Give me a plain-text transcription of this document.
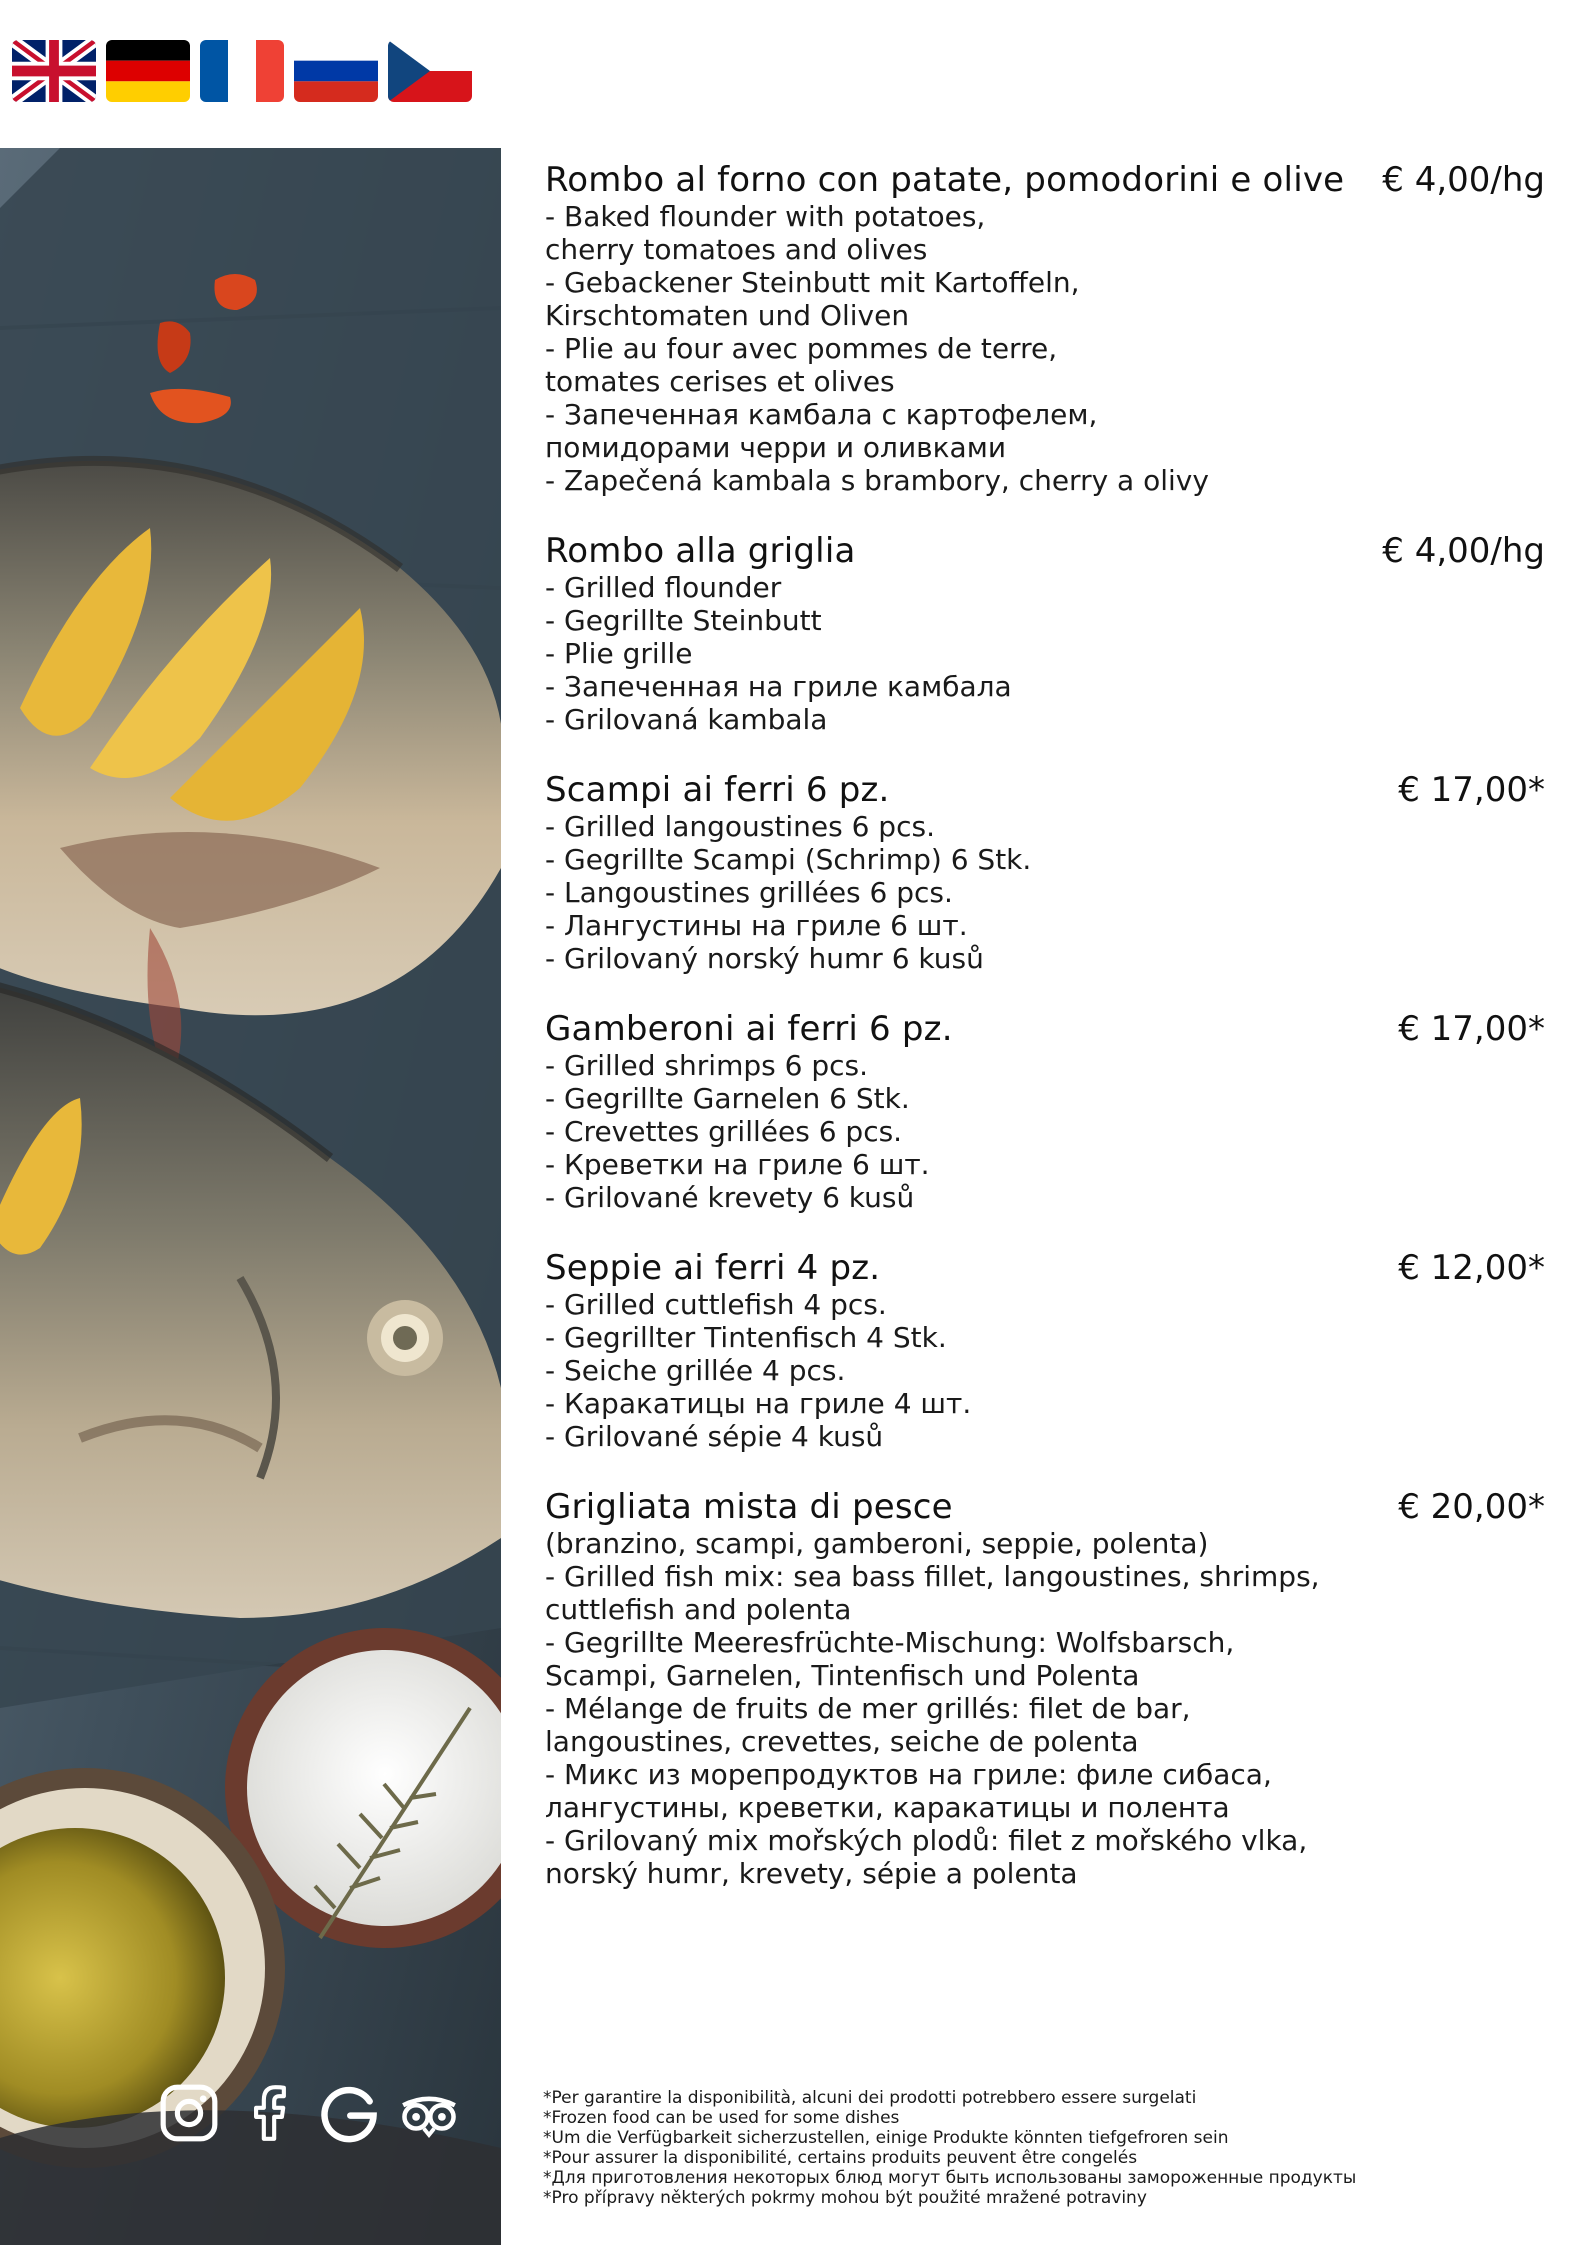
Rombo al forno con patate, pomodorini e olive	€ 4,00/hg
- Baked flounder with potatoes,
cherry tomatoes and olives
- Gebackener Steinbutt mit Kartoffeln,
Kirschtomaten und Oliven
- Plie au four avec pommes de terre,
tomates cerises et olives
- Запеченная камбала с картофелем,
помидорами черри и оливками
- Zapečená kambala s brambory, cherry a olivy
Rombo alla griglia	€ 4,00/hg
- Grilled flounder
- Gegrillte Steinbutt
- Plie grille
- Запеченная на гриле камбала
- Grilovaná kambala
Scampi ai ferri 6 pz.	€ 17,00*
- Grilled langoustines 6 pcs.
- Gegrillte Scampi (Schrimp) 6 Stk.
- Langoustines grillées 6 pcs.
- Лангустины на гриле 6 шт.
- Grilovaný norský humr 6 kusů
Gamberoni ai ferri 6 pz.	€ 17,00*
- Grilled shrimps 6 pcs.
- Gegrillte Garnelen 6 Stk.
- Crevettes grillées 6 pcs.
- Креветки на гриле 6 шт.
- Grilované krevety 6 kusů
Seppie ai ferri 4 pz.	€ 12,00*
- Grilled cuttlefish 4 pcs.
- Gegrillter Tintenfisch 4 Stk.
- Seiche grillée 4 pcs.
- Каракатицы на гриле 4 шт.
- Grilované sépie 4 kusů
Grigliata mista di pesce	€ 20,00*
(branzino, scampi, gamberoni, seppie, polenta)
- Grilled fish mix: sea bass fillet, langoustines, shrimps,
cuttlefish and polenta
- Gegrillte Meeresfrüchte-Mischung: Wolfsbarsch,
Scampi, Garnelen, Tintenfisch und Polenta
- Mélange de fruits de mer grillés: filet de bar,
langoustines, crevettes, seiche de polenta
- Микс из морепродуктов на гриле: филе сибаса,
лангустины, креветки, каракатицы и полента
- Grilovaný mix mořských plodů: filet z mořského vlka,
norský humr, krevety, sépie a polenta
*Per garantire la disponibilità, alcuni dei prodotti potrebbero essere surgelati
*Frozen food can be used for some dishes
*Um die Verfügbarkeit sicherzustellen, einige Produkte könnten tiefgefroren sein
*Pour assurer la disponibilité, certains produits peuvent être congelés
*Для приготовления некоторых блюд могут быть использованы замороженные продукты
*Pro přípravy některých pokrmy mohou být použité mražené potraviny
